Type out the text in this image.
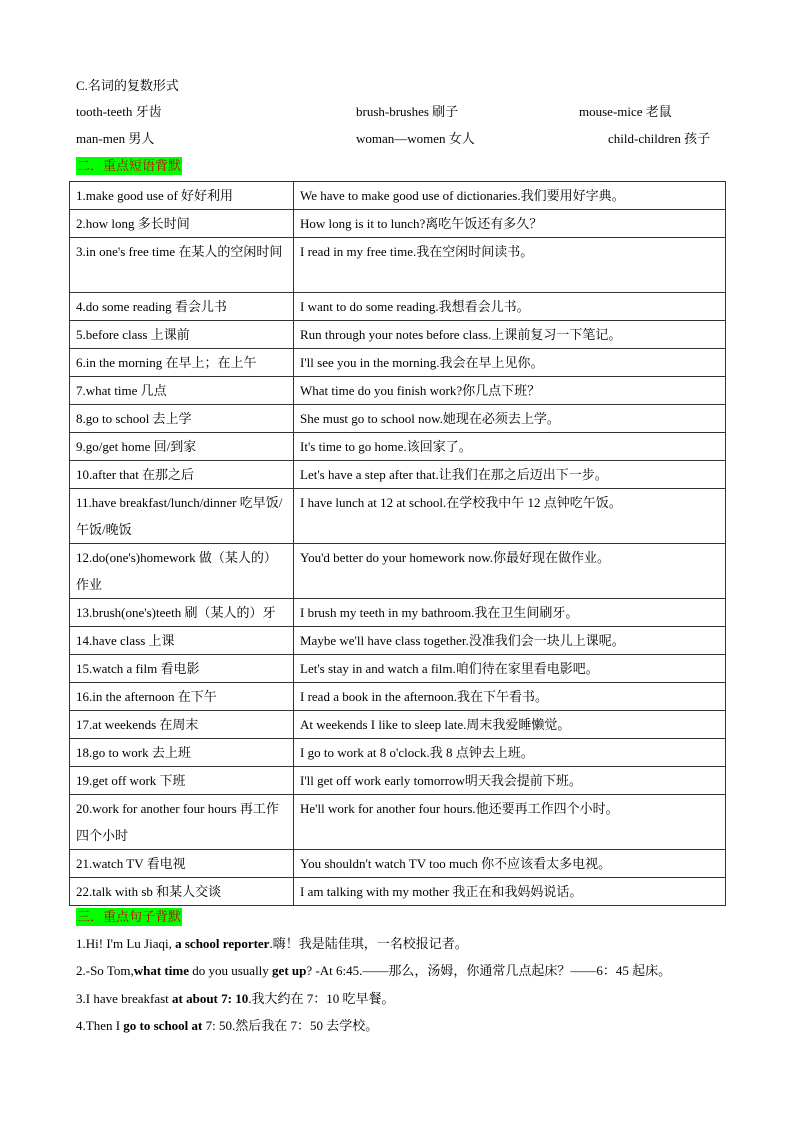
C.名词的复数形式
tooth-teeth 牙齿	brush-brushes 刷子	mouse-mice 老鼠
man-men 男人	woman—women 女人	child-children 孩子
二．重点短语背默
1.make good use of 好好利用	We have to make good use of dictionaries.我们要用好字典。
2.how long 多长时间	How long is it to lunch?离吃午饭还有多久？
3.in one's free time 在某人的空闲时间	I read in my free time.我在空闲时间读书。
4.do some reading 看会儿书	I want to do some reading.我想看会儿书。
5.before class 上课前	Run through your notes before class.上课前复习一下笔记。
6.in the morning 在早上；在上午	I'll see you in the morning.我会在早上见你。
7.what time 几点	What time do you finish work?你几点下班？
8.go to school 去上学	She must go to school now.她现在必须去上学。
9.go/get home 回/到家	It's time to go home.该回家了。
10.after that 在那之后	Let's have a step after that.让我们在那之后迈出下一步。
11.have breakfast/lunch/dinner 吃早饭/午饭/晚饭	I have lunch at 12 at school.在学校我中午 12 点钟吃午饭。
12.do(one's)homework 做（某人的）作业	You'd better do your homework now.你最好现在做作业。
13.brush(one's)teeth 刷（某人的）牙	I brush my teeth in my bathroom.我在卫生间刷牙。
14.have class 上课	Maybe we'll have class together.没准我们会一块儿上课呢。
15.watch a film 看电影	Let's stay in and watch a film.咱们待在家里看电影吧。
16.in the afternoon 在下午	I read a book in the afternoon.我在下午看书。
17.at weekends 在周末	At weekends I like to sleep late.周末我爱睡懒觉。
18.go to work 去上班	I go to work at 8 o'clock.我 8 点钟去上班。
19.get off work 下班	I'll get off work early tomorrow明天我会提前下班。
20.work for another four hours 再工作四个小时	He'll work for another four hours.他还要再工作四个小时。
21.watch TV 看电视	You shouldn't watch TV too much 你不应该看太多电视。
22.talk with sb 和某人交谈	I am talking with my mother 我正在和我妈妈说话。
三．重点句子背默
1.Hi! I'm Lu Jiaqi, a school reporter.嗨！我是陆佳琪，一名校报记者。
2.-So Tom,what time do you usually get up? -At 6:45.——那么，汤姆，你通常几点起床？——6：45 起床。
3.I have breakfast at about 7: 10.我大约在 7：10 吃早餐。
4.Then I go to school at 7: 50.然后我在 7：50 去学校。
